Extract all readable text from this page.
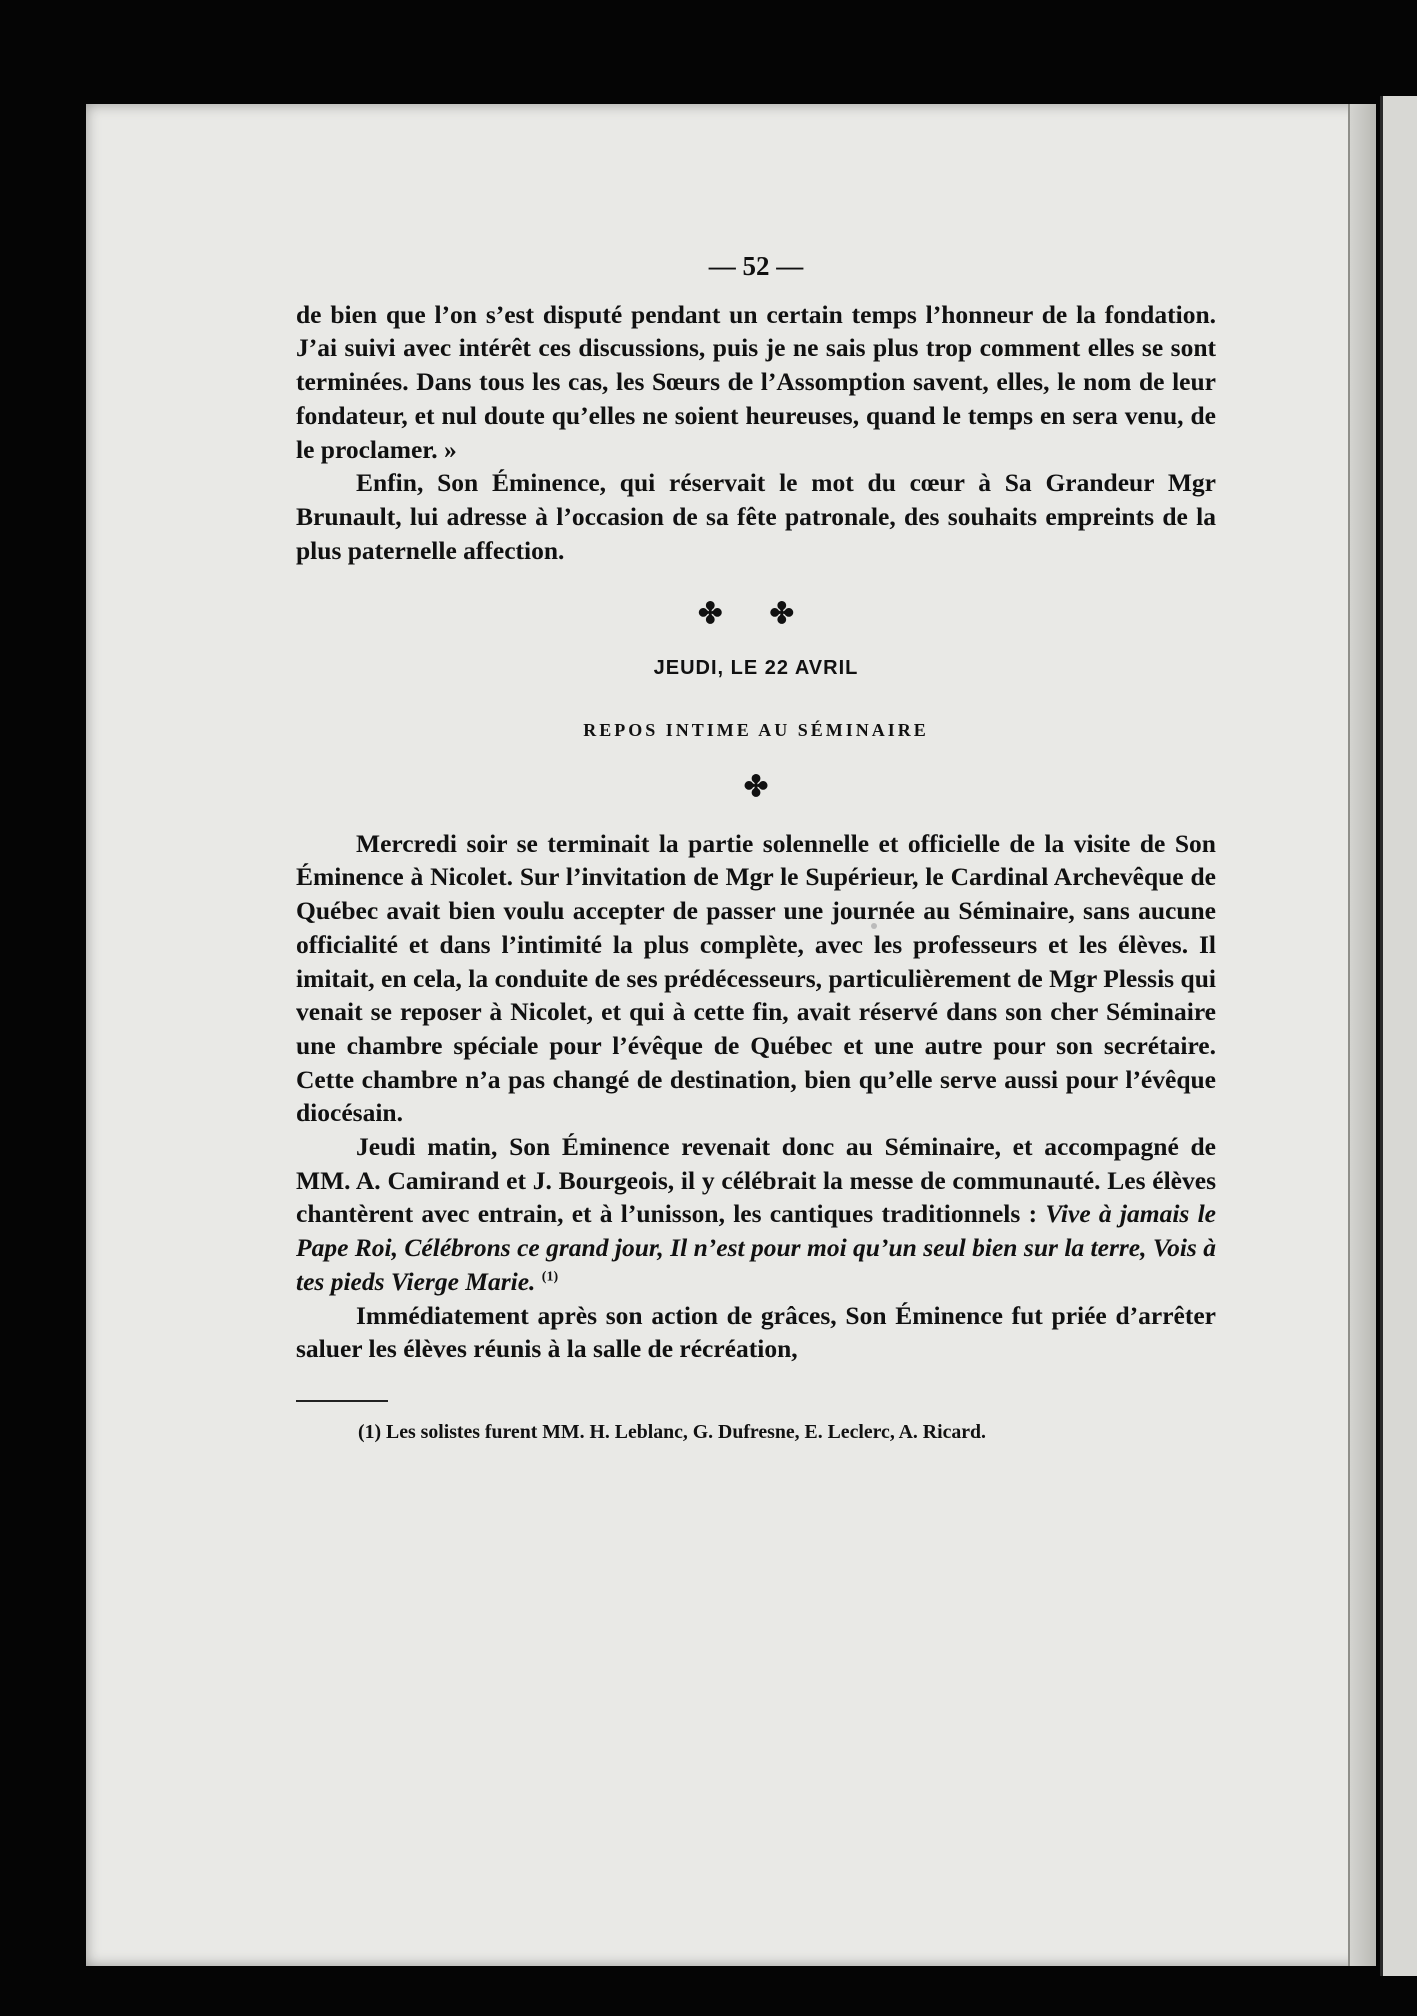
— 52 —

de bien que l’on s’est disputé pendant un certain temps l’honneur de la fondation. J’ai suivi avec intérêt ces discussions, puis je ne sais plus trop comment elles se sont terminées. Dans tous les cas, les Sœurs de l’Assomption savent, elles, le nom de leur fondateur, et nul doute qu’elles ne soient heureuses, quand le temps en sera venu, de le proclamer. »

Enfin, Son Éminence, qui réservait le mot du cœur à Sa Grandeur Mgr Brunault, lui adresse à l’occasion de sa fête patronale, des souhaits empreints de la plus paternelle affection.

✤ ✤
JEUDI, LE 22 AVRIL
REPOS INTIME AU SÉMINAIRE
✤

Mercredi soir se terminait la partie solennelle et officielle de la visite de Son Éminence à Nicolet. Sur l’invitation de Mgr le Supérieur, le Cardinal Archevêque de Québec avait bien voulu accepter de passer une journée au Séminaire, sans aucune officialité et dans l’intimité la plus complète, avec les professeurs et les élèves. Il imitait, en cela, la conduite de ses prédécesseurs, particulièrement de Mgr Plessis qui venait se reposer à Nicolet, et qui à cette fin, avait réservé dans son cher Séminaire une chambre spéciale pour l’évêque de Québec et une autre pour son secrétaire. Cette chambre n’a pas changé de destination, bien qu’elle serve aussi pour l’évêque diocésain.

Jeudi matin, Son Éminence revenait donc au Séminaire, et accompagné de MM. A. Camirand et J. Bourgeois, il y célébrait la messe de communauté. Les élèves chantèrent avec entrain, et à l’unisson, les cantiques traditionnels : Vive à jamais le Pape Roi, Célébrons ce grand jour, Il n’est pour moi qu’un seul bien sur la terre, Vois à tes pieds Vierge Marie. $^{(1)}$

Immédiatement après son action de grâces, Son Éminence fut priée d’arrêter saluer les élèves réunis à la salle de récréation,

(1) Les solistes furent MM. H. Leblanc, G. Dufresne, E. Leclerc, A. Ricard.
